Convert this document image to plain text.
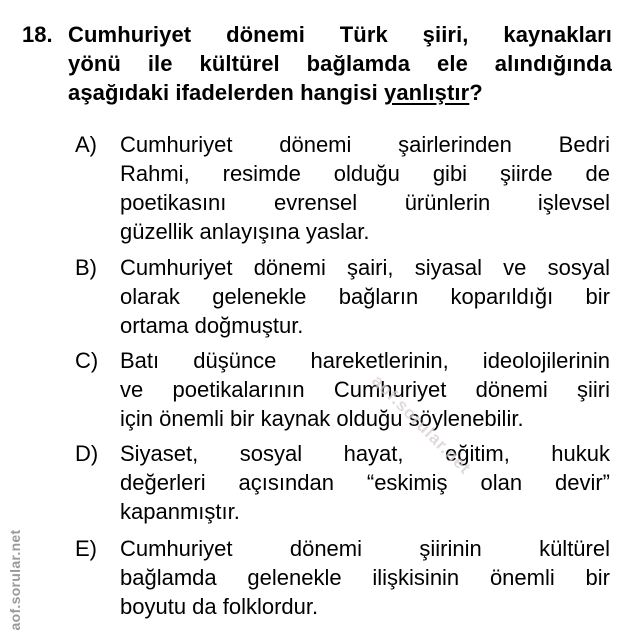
18. Cumhuriyet dönemi Türk şiiri, kaynakları
yönü ile kültürel bağlamda ele alındığında
aşağıdaki ifadelerden hangisi yanlıştır?
A) Cumhuriyet dönemi şairlerinden Bedri
Rahmi, resimde olduğu gibi şiirde de
poetikasını evrensel ürünlerin işlevsel
güzellik anlayışına yaslar.
B) Cumhuriyet dönemi şairi, siyasal ve sosyal
olarak gelenekle bağların koparıldığı bir
ortama doğmuştur.
C) Batı düşünce hareketlerinin, ideolojilerinin
ve poetikalarının Cumhuriyet dönemi şiiri
için önemli bir kaynak olduğu söylenebilir.
D) Siyaset, sosyal hayat, eğitim, hukuk
değerleri açısından “eskimiş olan devir”
kapanmıştır.
E) Cumhuriyet dönemi şiirinin kültürel
bağlamda gelenekle ilişkisinin önemli bir
boyutu da folklordur.
aof.sorular.net
aof.sorular.net
